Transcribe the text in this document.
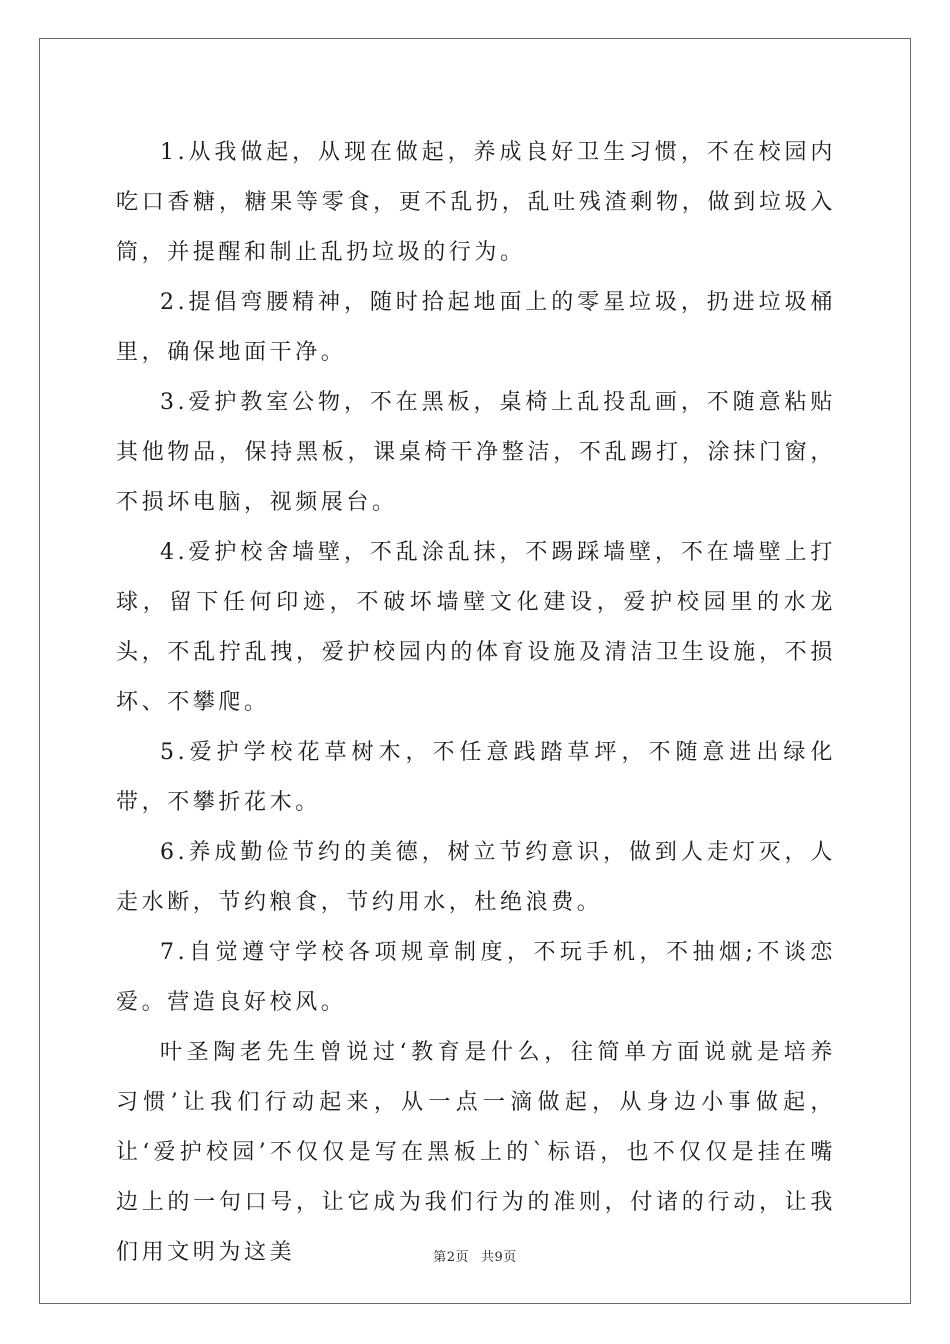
1.从我做起，从现在做起，养成良好卫生习惯，不在校园内吃口香糖，糖果等零食，更不乱扔，乱吐残渣剩物，做到垃圾入筒，并提醒和制止乱扔垃圾的行为。

2.提倡弯腰精神，随时拾起地面上的零星垃圾，扔进垃圾桶里，确保地面干净。

3.爱护教室公物，不在黑板，桌椅上乱投乱画，不随意粘贴其他物品，保持黑板，课桌椅干净整洁，不乱踢打，涂抹门窗，不损坏电脑，视频展台。

4.爱护校舍墙壁，不乱涂乱抹，不踢踩墙壁，不在墙壁上打球，留下任何印迹，不破坏墙壁文化建设，爱护校园里的水龙头，不乱拧乱拽，爱护校园内的体育设施及清洁卫生设施，不损坏、不攀爬。

5.爱护学校花草树木，不任意践踏草坪，不随意进出绿化带，不攀折花木。

6.养成勤俭节约的美德，树立节约意识，做到人走灯灭，人走水断，节约粮食，节约用水，杜绝浪费。

7.自觉遵守学校各项规章制度，不玩手机，不抽烟;不谈恋爱。营造良好校风。

叶圣陶老先生曾说过‘教育是什么，往简单方面说就是培养习惯’让我们行动起来，从一点一滴做起，从身边小事做起，让‘爱护校园’不仅仅是写在黑板上的`标语，也不仅仅是挂在嘴边上的一句口号，让它成为我们行为的准则，付诸的行动，让我们用文明为这美	第2页 共9页
